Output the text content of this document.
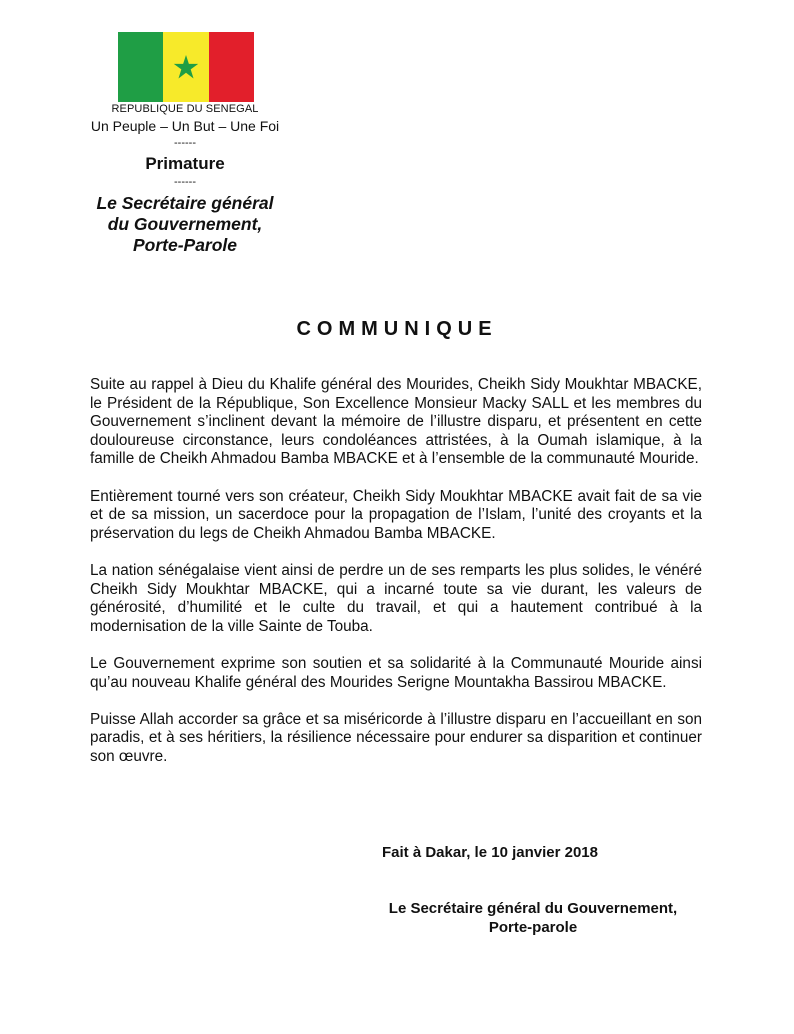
REPUBLIQUE DU SENEGAL
Un Peuple – Un But – Une Foi
------
Primature
------
Le Secrétaire général
du Gouvernement,
Porte-Parole
COMMUNIQUE

Suite au rappel à Dieu du Khalife général des Mourides, Cheikh Sidy Moukhtar MBACKE, le Président de la République, Son Excellence Monsieur Macky SALL et les membres du Gouvernement s’inclinent devant la mémoire de l’illustre disparu, et présentent en cette douloureuse circonstance, leurs condoléances attristées, à la Oumah islamique, à la famille de Cheikh Ahmadou Bamba MBACKE et à l’ensemble de la communauté Mouride.

Entièrement tourné vers son créateur, Cheikh Sidy Moukhtar MBACKE avait fait de sa vie et de sa mission, un sacerdoce pour la propagation de l’Islam, l’unité des croyants et la préservation du legs de Cheikh Ahmadou Bamba MBACKE.

La nation sénégalaise vient ainsi de perdre un de ses remparts les plus solides, le vénéré Cheikh Sidy Moukhtar MBACKE, qui a incarné toute sa vie durant, les valeurs de générosité, d’humilité et le culte du travail, et qui a hautement contribué à la modernisation de la ville Sainte de Touba.

Le Gouvernement exprime son soutien et sa solidarité à la Communauté Mouride ainsi qu’au nouveau Khalife général des Mourides Serigne Mountakha Bassirou MBACKE.

Puisse Allah accorder sa grâce et sa miséricorde à l’illustre disparu en l’accueillant en son paradis, et à ses héritiers, la résilience nécessaire pour endurer sa disparition et continuer son œuvre.

Fait à Dakar, le 10 janvier 2018
Le Secrétaire général du Gouvernement,
Porte-parole
